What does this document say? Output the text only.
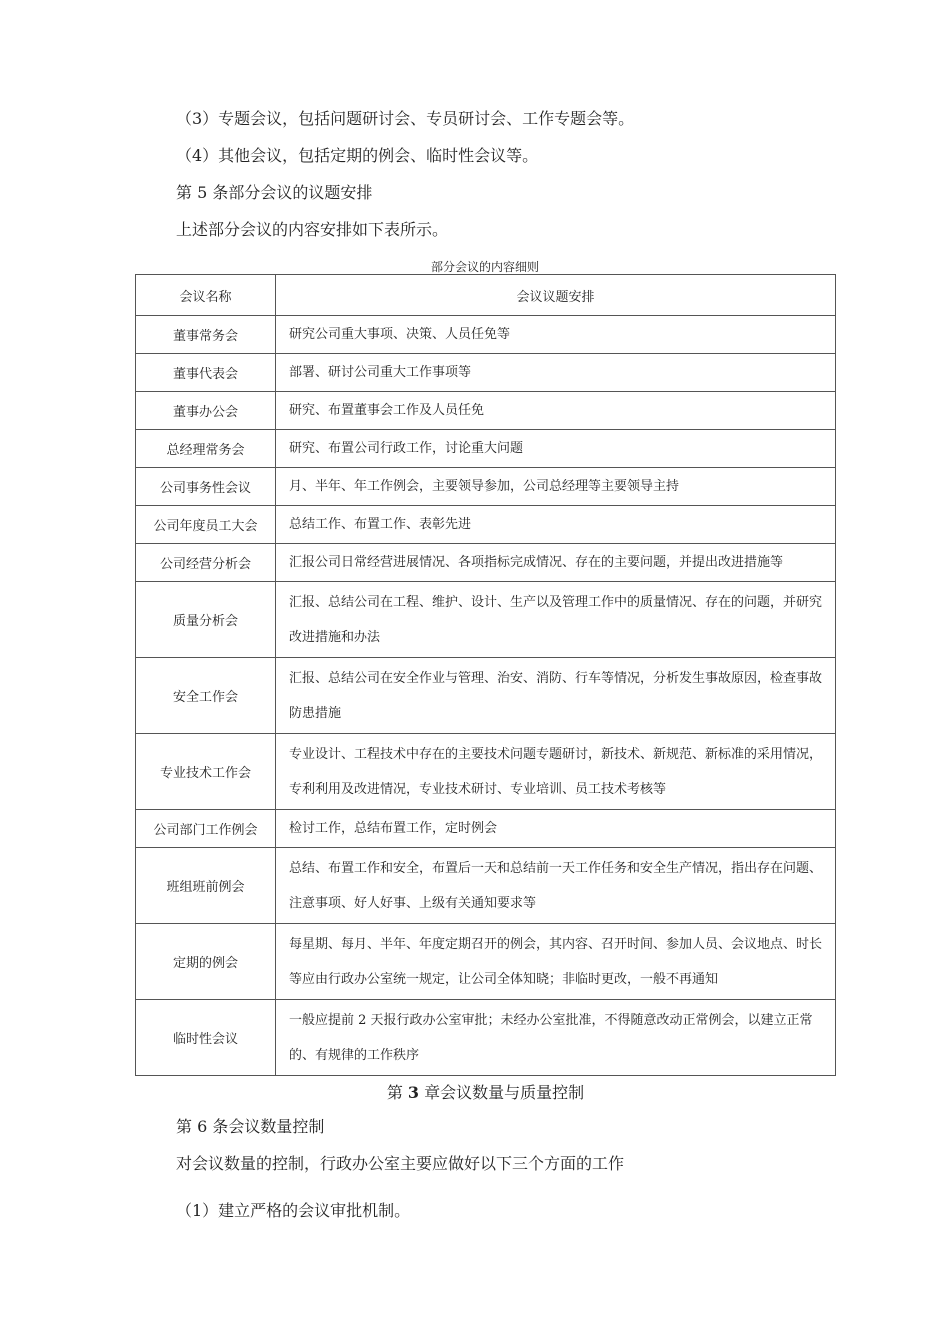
（3）专题会议，包括问题研讨会、专员研讨会、工作专题会等。
（4）其他会议，包括定期的例会、临时性会议等。
第 5 条部分会议的议题安排
上述部分会议的内容安排如下表所示。
部分会议的内容细则
会议名称	会议议题安排
董事常务会	研究公司重大事项、决策、人员任免等
董事代表会	部署、研讨公司重大工作事项等
董事办公会	研究、布置董事会工作及人员任免
总经理常务会	研究、布置公司行政工作，讨论重大问题
公司事务性会议	月、半年、年工作例会，主要领导参加，公司总经理等主要领导主持
公司年度员工大会	总结工作、布置工作、表彰先进
公司经营分析会	汇报公司日常经营进展情况、各项指标完成情况、存在的主要问题，并提出改进措施等
质量分析会	汇报、总结公司在工程、维护、设计、生产以及管理工作中的质量情况、存在的问题，并研究改进措施和办法
安全工作会	汇报、总结公司在安全作业与管理、治安、消防、行车等情况，分析发生事故原因，检查事故防患措施
专业技术工作会	专业设计、工程技术中存在的主要技术问题专题研讨，新技术、新规范、新标准的采用情况，专利利用及改进情况，专业技术研讨、专业培训、员工技术考核等
公司部门工作例会	检讨工作，总结布置工作，定时例会
班组班前例会	总结、布置工作和安全，布置后一天和总结前一天工作任务和安全生产情况，指出存在问题、注意事项、好人好事、上级有关通知要求等
定期的例会	每星期、每月、半年、年度定期召开的例会，其内容、召开时间、参加人员、会议地点、时长等应由行政办公室统一规定，让公司全体知晓；非临时更改，一般不再通知
临时性会议	一般应提前 2 天报行政办公室审批；未经办公室批准，不得随意改动正常例会，以建立正常的、有规律的工作秩序
第 3 章会议数量与质量控制
第 6 条会议数量控制
对会议数量的控制，行政办公室主要应做好以下三个方面的工作
（1）建立严格的会议审批机制。
